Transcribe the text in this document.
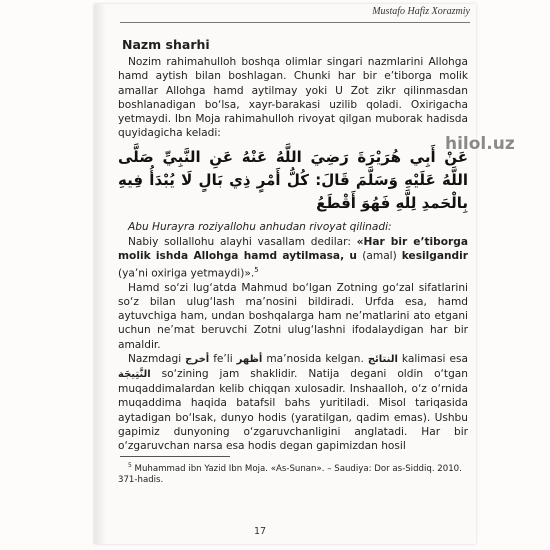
Mustafo Hafiz Xorazmiy
hilol.uz
Nazm sharhi

Nozim rahimahulloh boshqa olimlar singari nazmlarini Allohga hamd aytish bilan boshlagan. Chunki har bir e’tiborga molik amallar Allohga hamd aytilmay yoki U Zot zikr qilinmasdan boshlanadigan bo‘lsa, xayr-barakasi uzilib qoladi. Oxirigacha yetmaydi. Ibn Moja rahimahulloh rivoyat qilgan muborak hadisda quyidagicha keladi:

عَنْ أَبِي هُرَيْرَةَ رَضِيَ اللَّهُ عَنْهُ عَنِ النَّبِيِّ صَلَّى اللَّهُ عَلَيْهِ وَسَلَّمَ قَالَ: كُلُّ أَمْرٍ ذِي بَالٍ لَا يُبْدَأُ فِيهِ بِالْحَمدِ لِلَّهِ فَهُوَ أَقْطَعُ

Abu Hurayra roziyallohu anhudan rivoyat qilinadi:

Nabiy sollallohu alayhi vasallam dedilar: «Har bir e’tiborga molik ishda Allohga hamd aytilmasa, u (amal) kesilgandir (ya’ni oxiriga yetmaydi)».$^5$

Hamd so‘zi lug‘atda Mahmud bo‘lgan Zotning go‘zal sifatlarini so‘z bilan ulug‘lash ma’nosini bildiradi. Urfda esa, hamd aytuvchiga ham, undan boshqalarga ham ne’matlarini ato etgani uchun ne’mat beruvchi Zotni ulug‘lashni ifodalaydigan har bir amaldir.

Nazmdagi أخرج fe’li أظهر ma’nosida kelgan. النتائج kalimasi esa النَّتِيجَة so‘zining jam shaklidir. Natija degani oldin o‘tgan muqaddimalardan kelib chiqqan xulosadir. Inshaalloh, o‘z o‘rnida muqaddima haqida batafsil bahs yuritiladi. Misol tariqasida aytadigan bo‘lsak, dunyo hodis (yaratilgan, qadim emas). Ushbu gapimiz dunyoning o‘zgaruvchanligini anglatadi. Har bir o‘zgaruvchan narsa esa hodis degan gapimizdan hosil

$^5$ Muhammad ibn Yazid Ibn Moja. «As-Sunan». – Saudiya: Dor as-Siddiq. 2010. 371-hadis.

17
